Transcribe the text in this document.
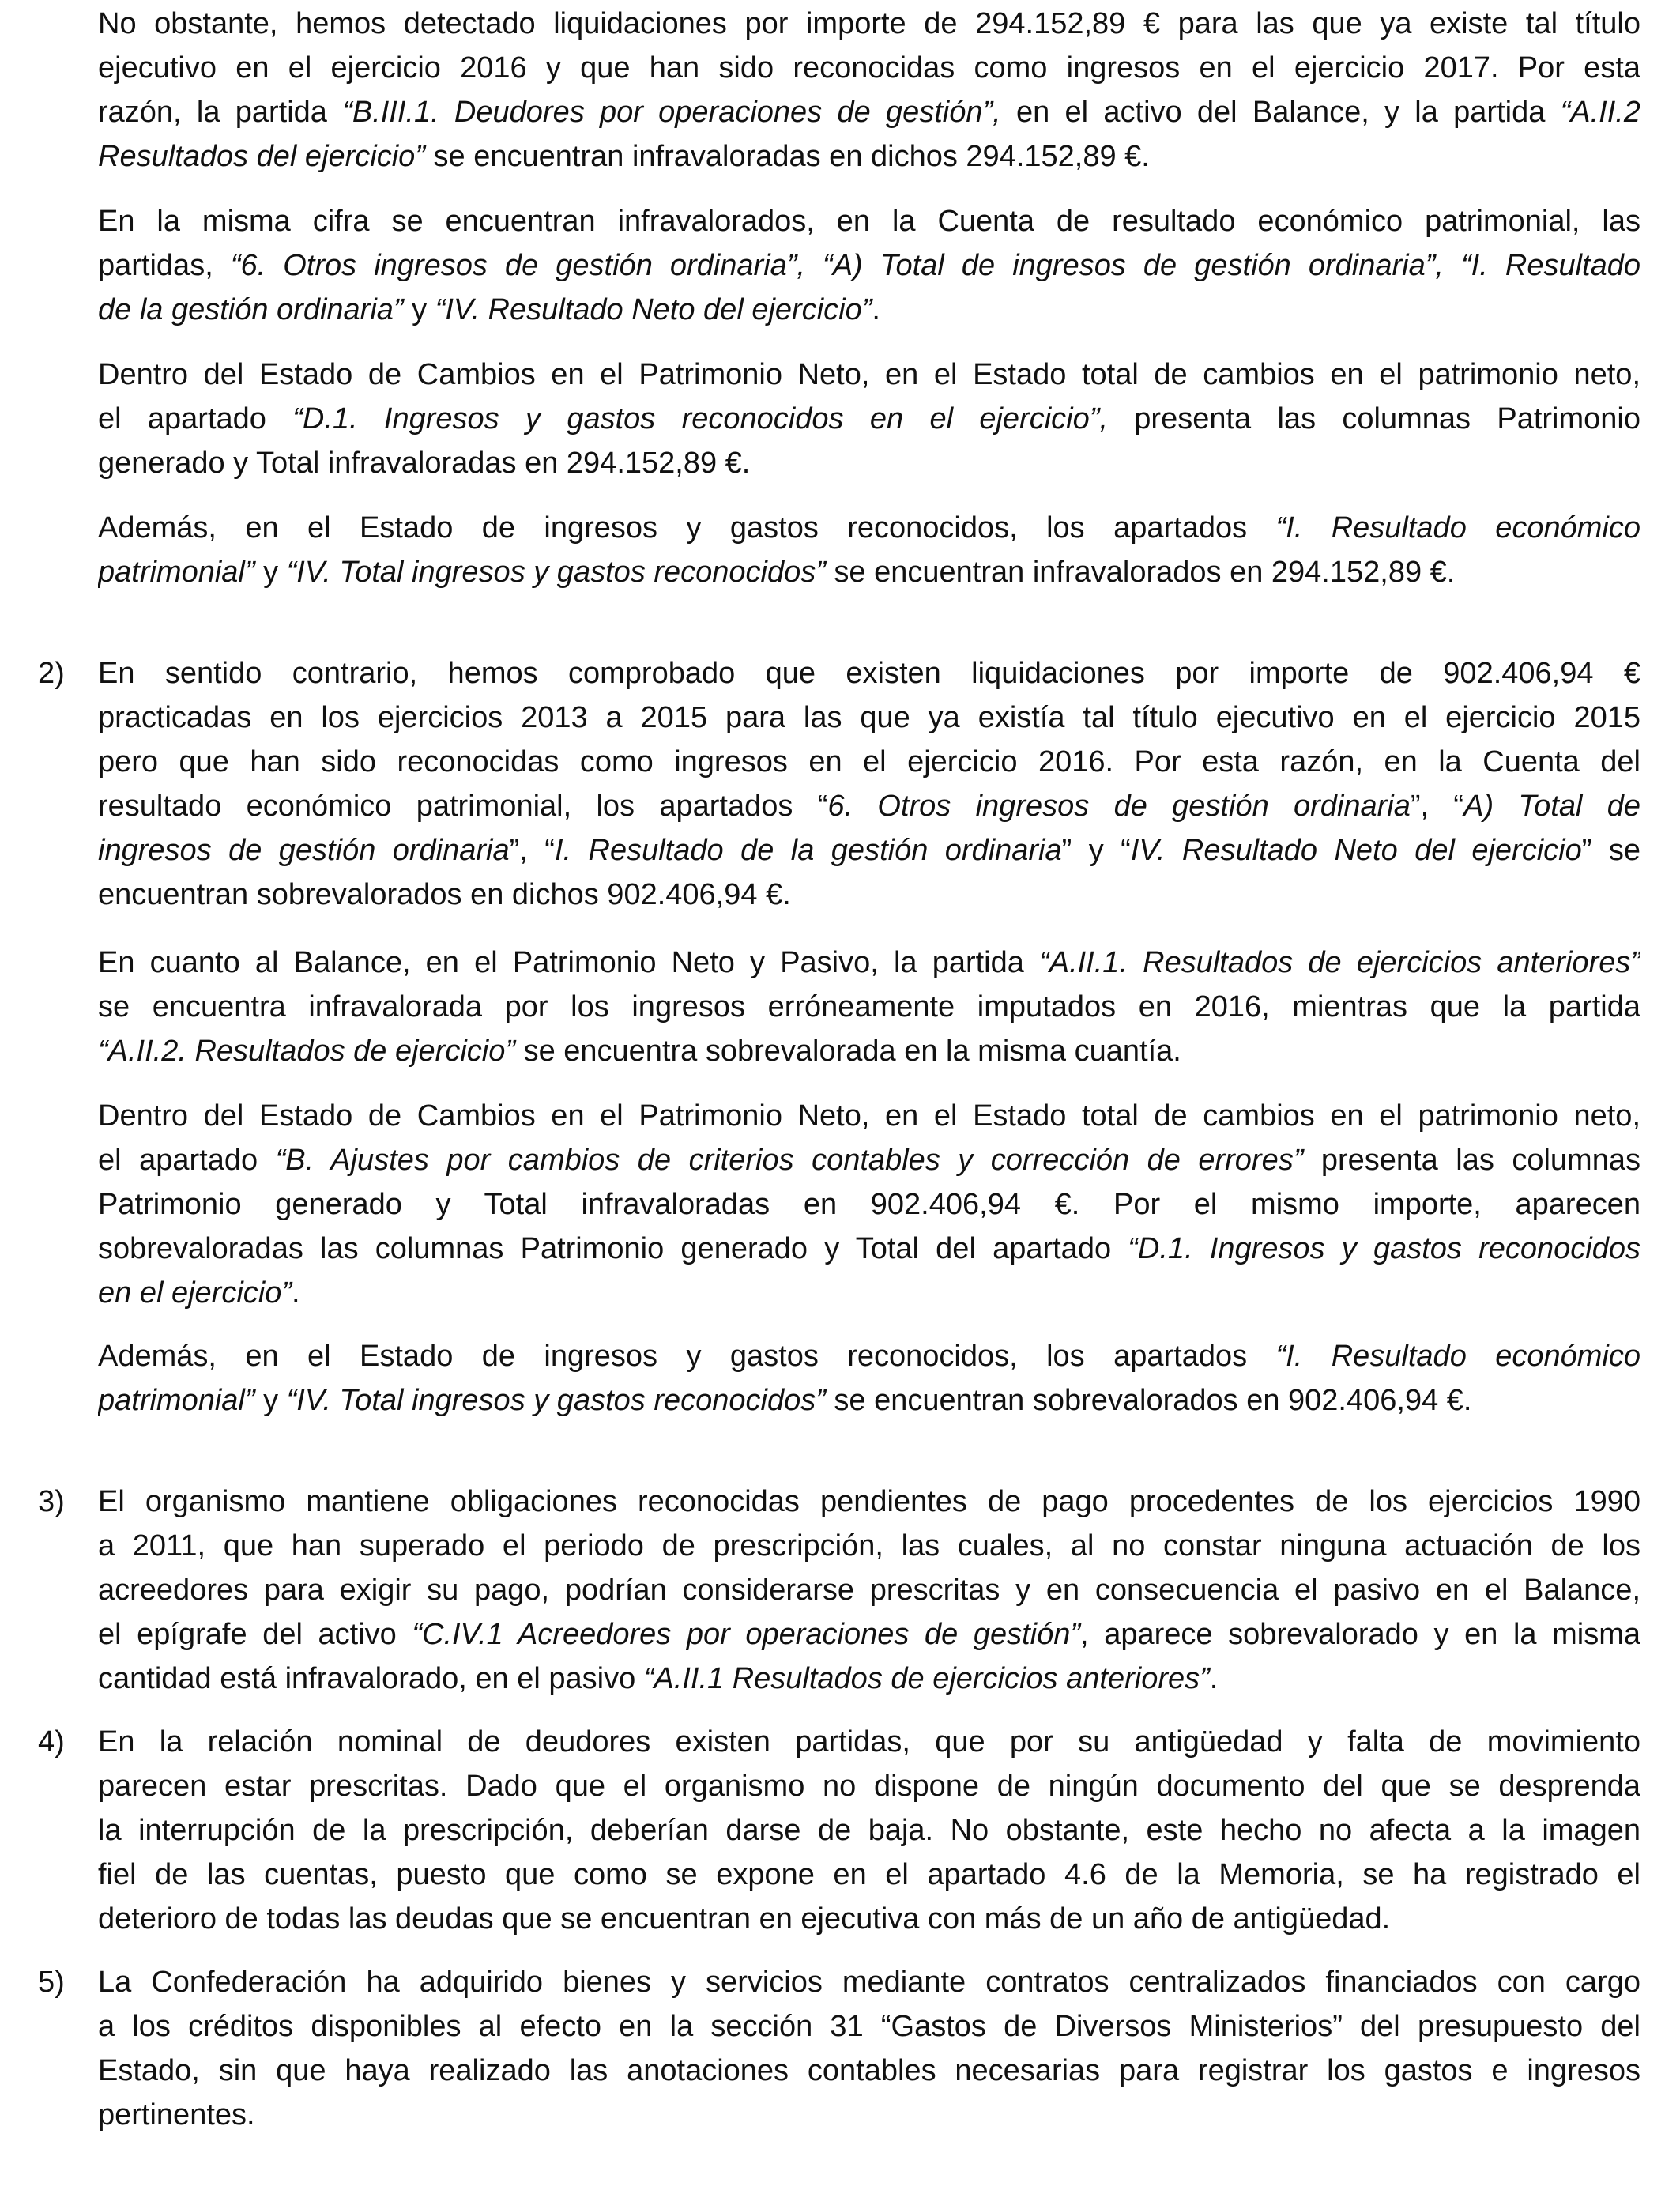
No obstante, hemos detectado liquidaciones por importe de 294.152,89 € para las que ya existe tal título
ejecutivo en el ejercicio 2016 y que han sido reconocidas como ingresos en el ejercicio 2017. Por esta
razón, la partida “B.III.1. Deudores por operaciones de gestión”, en el activo del Balance, y la partida “A.II.2
Resultados del ejercicio” se encuentran infravaloradas en dichos 294.152,89 €.
En la misma cifra se encuentran infravalorados, en la Cuenta de resultado económico patrimonial, las
partidas, “6. Otros ingresos de gestión ordinaria”, “A) Total de ingresos de gestión ordinaria”, “I. Resultado
de la gestión ordinaria” y “IV. Resultado Neto del ejercicio”.
Dentro del Estado de Cambios en el Patrimonio Neto, en el Estado total de cambios en el patrimonio neto,
el apartado “D.1. Ingresos y gastos reconocidos en el ejercicio”, presenta las columnas Patrimonio
generado y Total infravaloradas en 294.152,89 €.
Además, en el Estado de ingresos y gastos reconocidos, los apartados “I. Resultado económico
patrimonial” y “IV. Total ingresos y gastos reconocidos” se encuentran infravalorados en 294.152,89 €.
2) En sentido contrario, hemos comprobado que existen liquidaciones por importe de 902.406,94 €
practicadas en los ejercicios 2013 a 2015 para las que ya existía tal título ejecutivo en el ejercicio 2015
pero que han sido reconocidas como ingresos en el ejercicio 2016. Por esta razón, en la Cuenta del
resultado económico patrimonial, los apartados “6. Otros ingresos de gestión ordinaria”, “A) Total de
ingresos de gestión ordinaria”, “I. Resultado de la gestión ordinaria” y “IV. Resultado Neto del ejercicio” se
encuentran sobrevalorados en dichos 902.406,94 €.
En cuanto al Balance, en el Patrimonio Neto y Pasivo, la partida “A.II.1. Resultados de ejercicios anteriores”
se encuentra infravalorada por los ingresos erróneamente imputados en 2016, mientras que la partida
“A.II.2. Resultados de ejercicio” se encuentra sobrevalorada en la misma cuantía.
Dentro del Estado de Cambios en el Patrimonio Neto, en el Estado total de cambios en el patrimonio neto,
el apartado “B. Ajustes por cambios de criterios contables y corrección de errores” presenta las columnas
Patrimonio generado y Total infravaloradas en 902.406,94 €. Por el mismo importe, aparecen
sobrevaloradas las columnas Patrimonio generado y Total del apartado “D.1. Ingresos y gastos reconocidos
en el ejercicio”.
Además, en el Estado de ingresos y gastos reconocidos, los apartados “I. Resultado económico
patrimonial” y “IV. Total ingresos y gastos reconocidos” se encuentran sobrevalorados en 902.406,94 €.
3) El organismo mantiene obligaciones reconocidas pendientes de pago procedentes de los ejercicios 1990
a 2011, que han superado el periodo de prescripción, las cuales, al no constar ninguna actuación de los
acreedores para exigir su pago, podrían considerarse prescritas y en consecuencia el pasivo en el Balance,
el epígrafe del activo “C.IV.1 Acreedores por operaciones de gestión”, aparece sobrevalorado y en la misma
cantidad está infravalorado, en el pasivo “A.II.1 Resultados de ejercicios anteriores”.
4) En la relación nominal de deudores existen partidas, que por su antigüedad y falta de movimiento
parecen estar prescritas. Dado que el organismo no dispone de ningún documento del que se desprenda
la interrupción de la prescripción, deberían darse de baja. No obstante, este hecho no afecta a la imagen
fiel de las cuentas, puesto que como se expone en el apartado 4.6 de la Memoria, se ha registrado el
deterioro de todas las deudas que se encuentran en ejecutiva con más de un año de antigüedad.
5) La Confederación ha adquirido bienes y servicios mediante contratos centralizados financiados con cargo
a los créditos disponibles al efecto en la sección 31 “Gastos de Diversos Ministerios” del presupuesto del
Estado, sin que haya realizado las anotaciones contables necesarias para registrar los gastos e ingresos
pertinentes.
